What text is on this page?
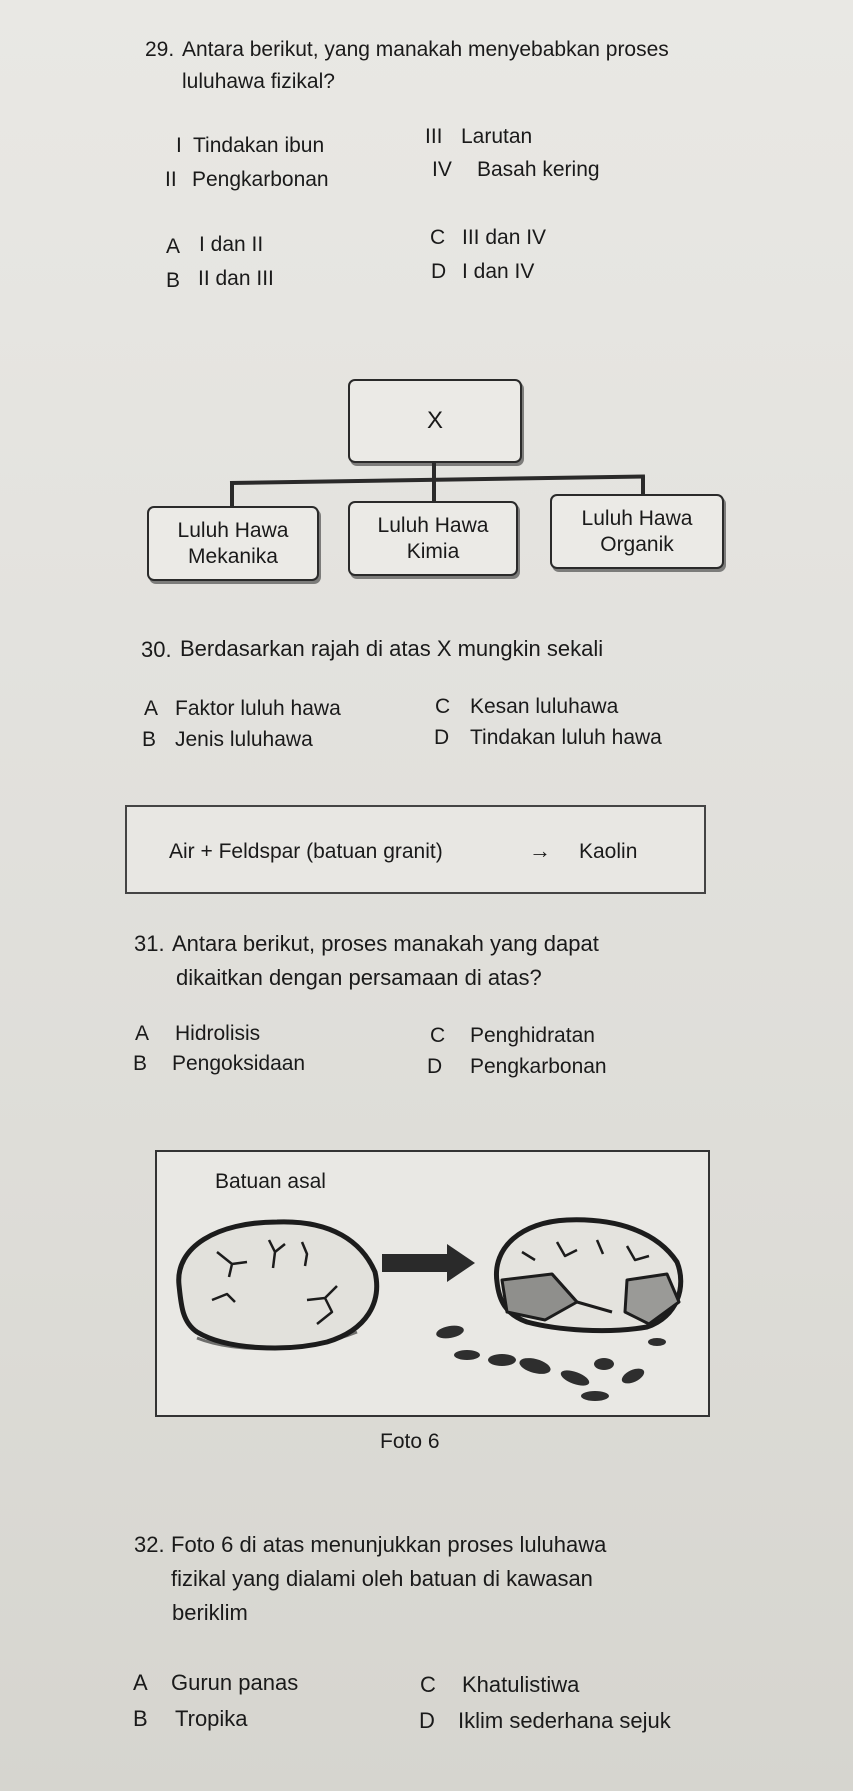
29. Antara berikut, yang manakah menyebabkan proses
luluhawa fizikal?
I Tindakan ibun
II Pengkarbonan
III Larutan
IV Basah kering
A I dan II
B II dan III
C III dan IV
D I dan IV
X
Luluh Hawa
Mekanika
Luluh Hawa
Kimia
Luluh Hawa
Organik
30. Berdasarkan rajah di atas X mungkin sekali
A Faktor luluh hawa
B Jenis luluhawa
C Kesan luluhawa
D Tindakan luluh hawa
Air + Feldspar (batuan granit)	→ Kaolin
31. Antara berikut, proses manakah yang dapat
dikaitkan dengan persamaan di atas?
A Hidrolisis
B Pengoksidaan
C Penghidratan
D Pengkarbonan
Batuan asal
Foto 6
32. Foto 6 di atas menunjukkan proses luluhawa
fizikal yang dialami oleh batuan di kawasan
beriklim
A Gurun panas
B Tropika
C Khatulistiwa
D Iklim sederhana sejuk
